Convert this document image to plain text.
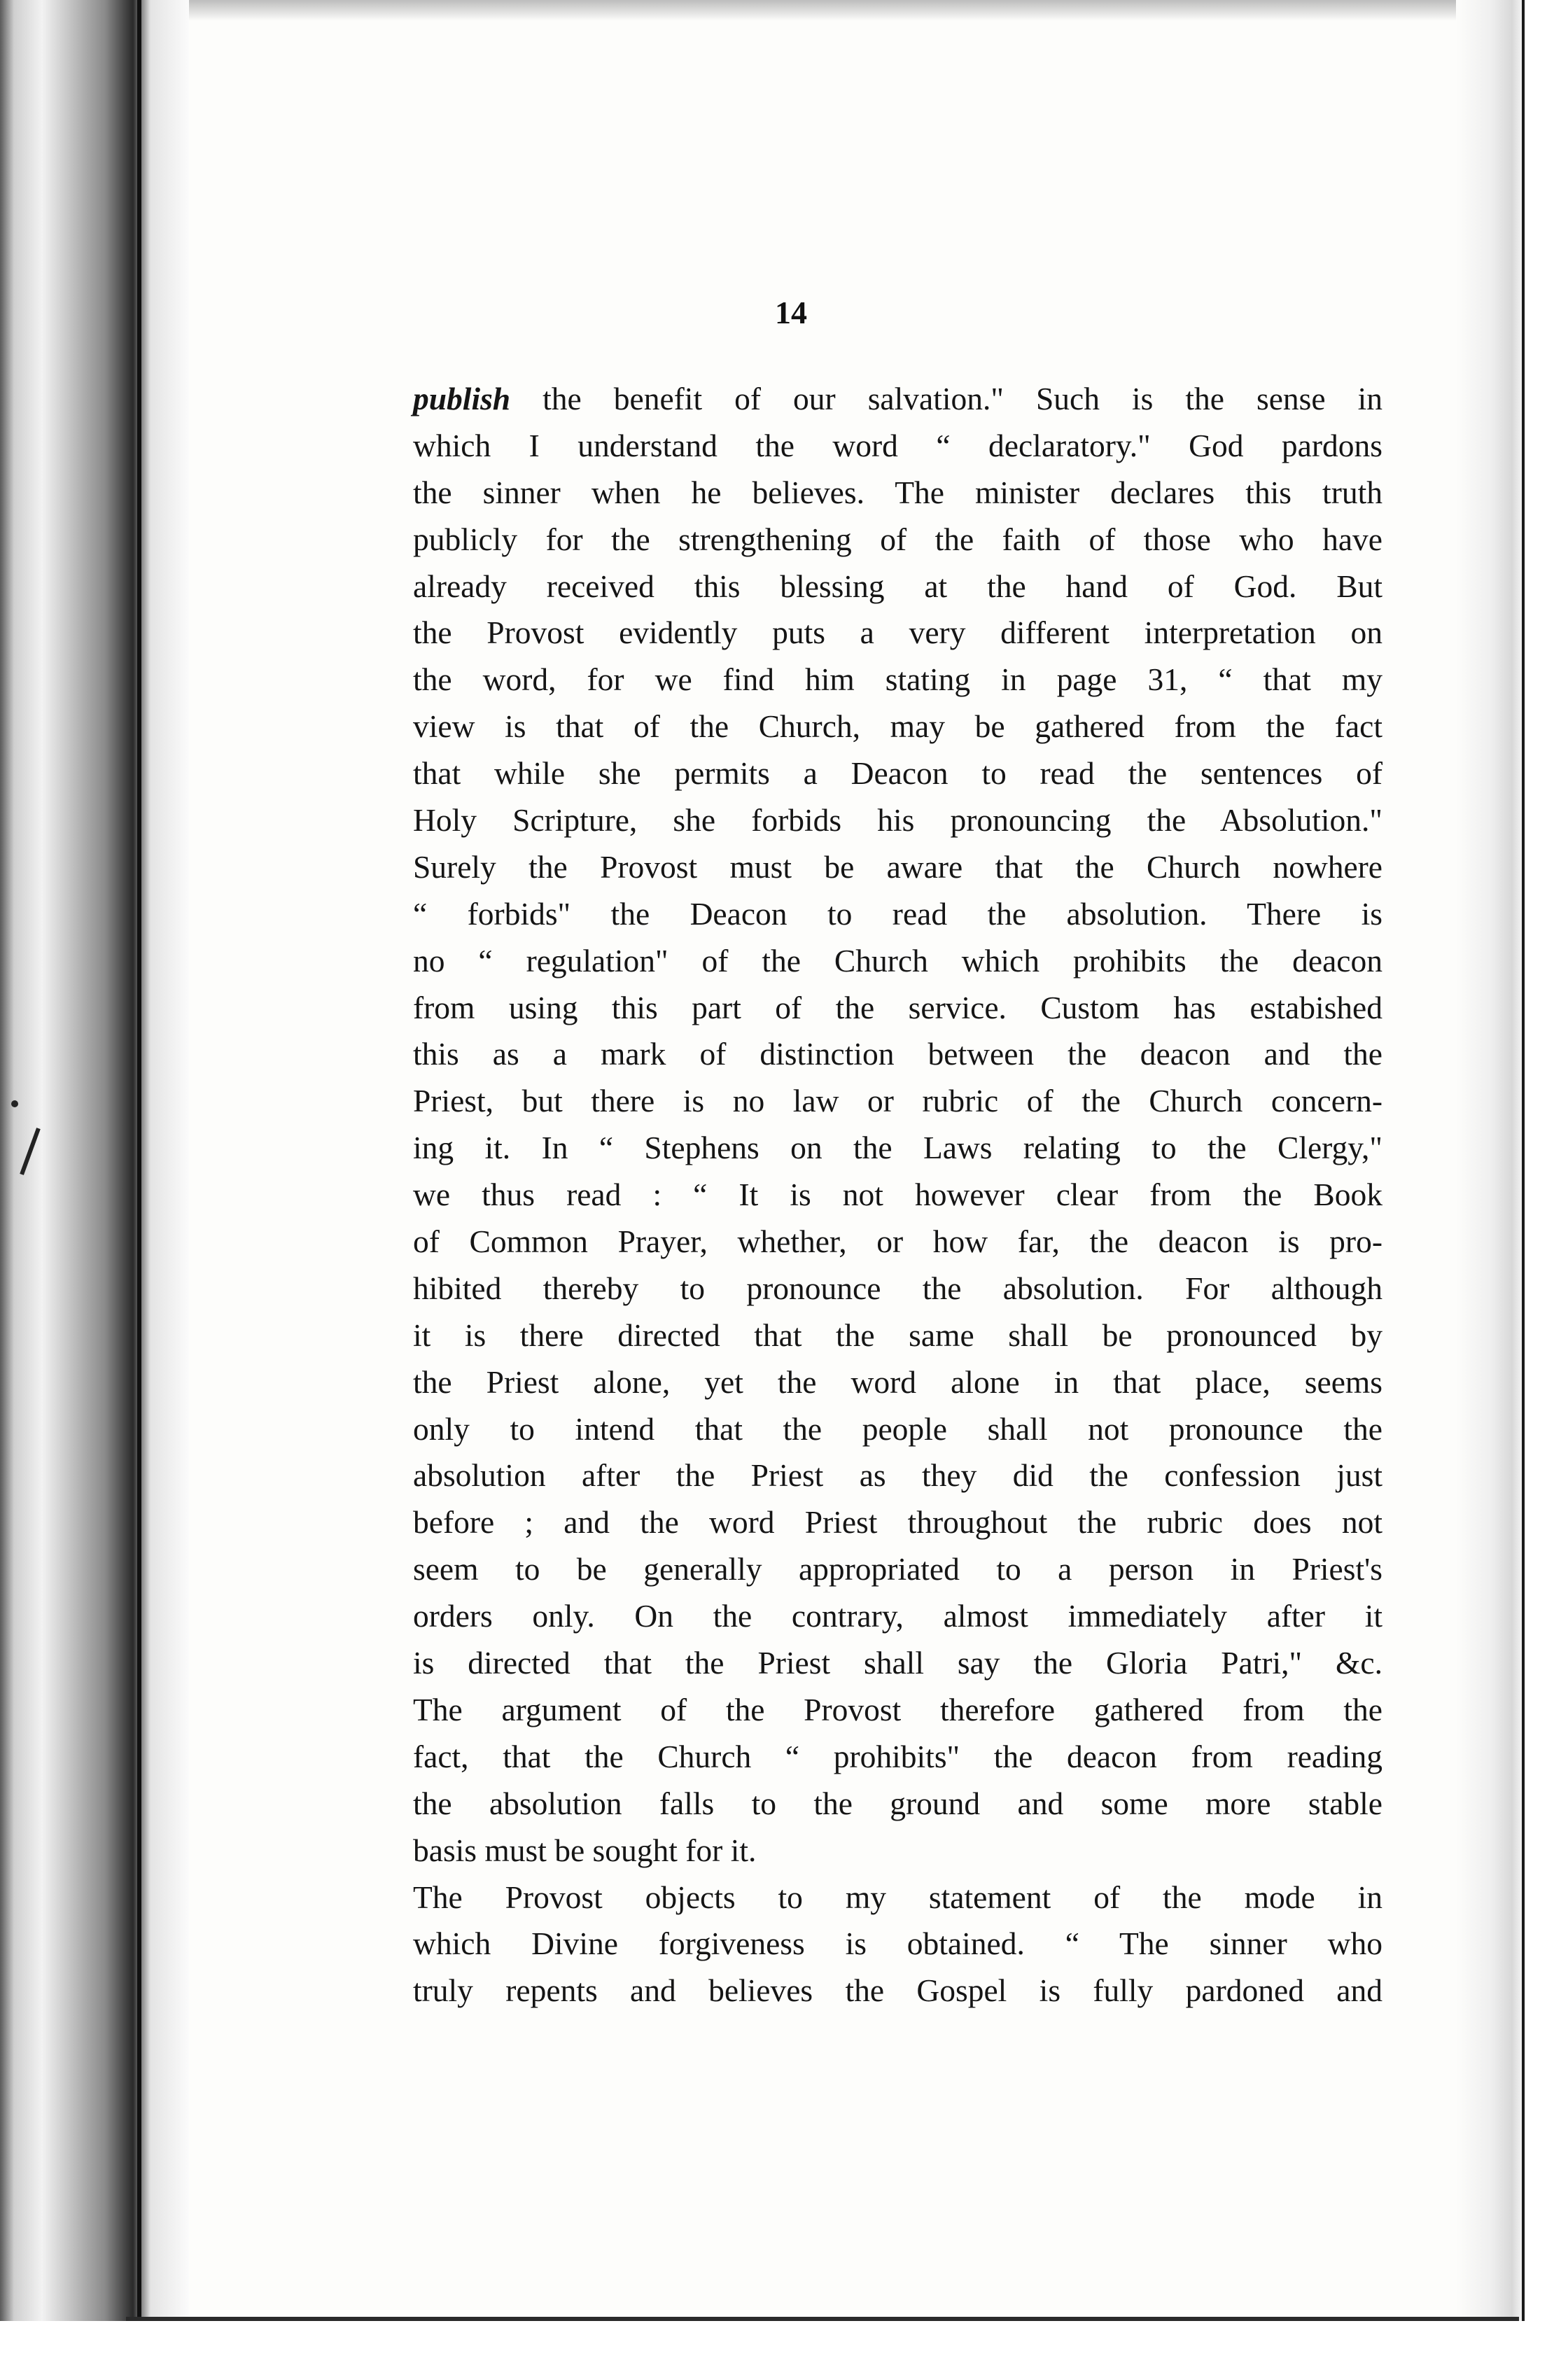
14
publish the benefit of our salvation." Such is the sense in
which I understand the word “ declaratory." God pardons
the sinner when he believes. The minister declares this truth
publicly for the strengthening of the faith of those who have
already received this blessing at the hand of God. But
the Provost evidently puts a very different interpretation on
the word, for we find him stating in page 31, “ that my
view is that of the Church, may be gathered from the fact
that while she permits a Deacon to read the sentences of
Holy Scripture, she forbids his pronouncing the Absolution."
Surely the Provost must be aware that the Church nowhere
“ forbids" the Deacon to read the absolution. There is
no “ regulation" of the Church which prohibits the deacon
from using this part of the service. Custom has estabished
this as a mark of distinction between the deacon and the
Priest, but there is no law or rubric of the Church concern-
ing it. In “ Stephens on the Laws relating to the Clergy,"
we thus read : “ It is not however clear from the Book
of Common Prayer, whether, or how far, the deacon is pro-
hibited thereby to pronounce the absolution. For although
it is there directed that the same shall be pronounced by
the Priest alone, yet the word alone in that place, seems
only to intend that the people shall not pronounce the
absolution after the Priest as they did the confession just
before ; and the word Priest throughout the rubric does not
seem to be generally appropriated to a person in Priest's
orders only. On the contrary, almost immediately after it
is directed that the Priest shall say the Gloria Patri," &c.
The argument of the Provost therefore gathered from the
fact, that the Church “ prohibits" the deacon from reading
the absolution falls to the ground and some more stable
basis must be sought for it.
The Provost objects to my statement of the mode in
which Divine forgiveness is obtained. “ The sinner who
truly repents and believes the Gospel is fully pardoned and
